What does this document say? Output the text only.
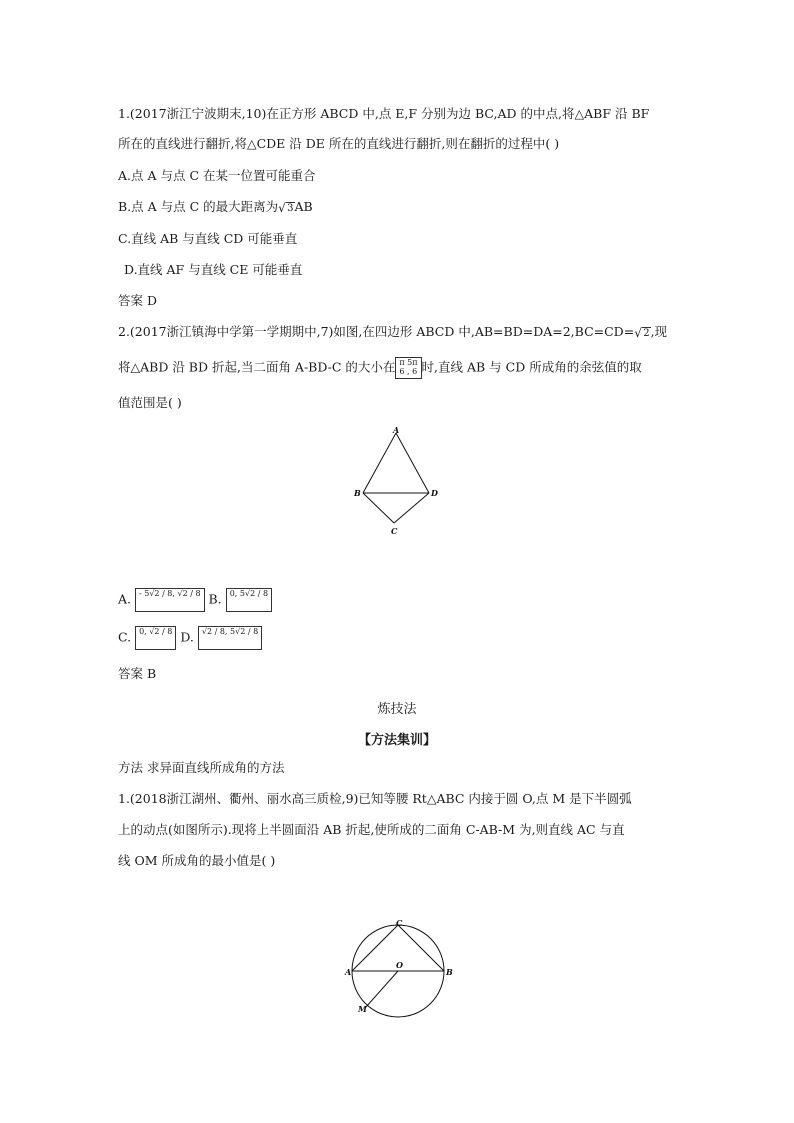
1.(2017浙江宁波期末,10)在正方形 ABCD 中,点 E,F 分别为边 BC,AD 的中点,将△ABF 沿 BF
所在的直线进行翻折,将△CDE 沿 DE 所在的直线进行翻折,则在翻折的过程中( )
A.点 A 与点 C 在某一位置可能重合
B.点 A 与点 C 的最大距离为 √ 3AB
C.直线 AB 与直线 CD 可能垂直
D.直线 AF 与直线 CE 可能垂直
答案 D
2.(2017浙江镇海中学第一学期期中,7)如图,在四边形 ABCD 中,AB=BD=DA=2,BC=CD= √ 2,现
将△ABD 沿 BD 折起,当二面角 A-BD-C 的大小在 π 5π
6 , 6 时,直线 AB 与 CD 所成角的余弦值的取
值范围是( )
A
B	D
C
A. - 5√2 / 8, √2 / 8 B. 0, 5√2 / 8
C. 0, √2 / 8 D. √2 / 8, 5√2 / 8
答案 B
炼技法
【方法集训】
方法 求异面直线所成角的方法
1.(2018浙江湖州、衢州、丽水高三质检,9)已知等腰 Rt△ABC 内接于圆 O,点 M 是下半圆弧
上的动点(如图所示).现将上半圆面沿 AB 折起,使所成的二面角 C-AB-M 为,则直线 AC 与直
线 OM 所成角的最小值是( )
C
A
O
B
M
